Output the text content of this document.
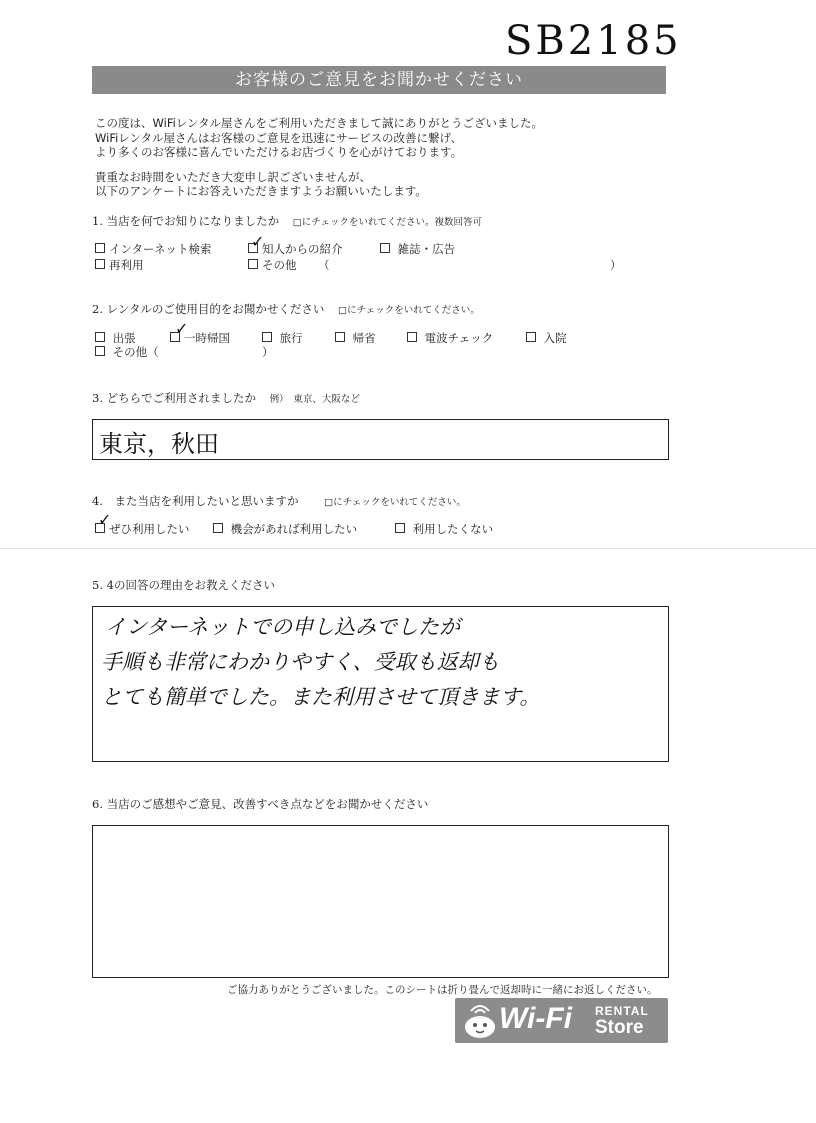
SB2185
お客様のご意見をお聞かせください
この度は、WiFiレンタル屋さんをご利用いただきまして誠にありがとうございました。
WiFiレンタル屋さんはお客様のご意見を迅速にサービスの改善に繋げ、
より多くのお客様に喜んでいただけるお店づくりを心がけております。
貴重なお時間をいただき大変申し訳ございませんが、
以下のアンケートにお答えいただきますようお願いいたします。
1. 当店を何でお知りになりましたか □にチェックをいれてください。複数回答可
インターネット検索	知人からの紹介
✓	雑誌・広告
再利用	その他 （	）
2. レンタルのご使用目的をお聞かせください □にチェックをいれてください。
出張	一時帰国
✓	旅行	帰省	電波チェック	入院
その他（	）
3. どちらでご利用されましたか 例）　東京、大阪など
東京，秋田
4.　また当店を利用したいと思いますか	□にチェックをいれてください。
ぜひ利用したい
✓	機会があれば利用したい	利用したくない
5. 4の回答の理由をお教えください
インターネットでの申し込みでしたが
手順も非常にわかりやすく、受取も返却も
とても簡単でした。また利用させて頂きます。
6. 当店のご感想やご意見、改善すべき点などをお聞かせください
ご協力ありがとうございました。このシートは折り畳んで返却時に一緒にお返しください。
Wi-Fi RENTAL
Store
